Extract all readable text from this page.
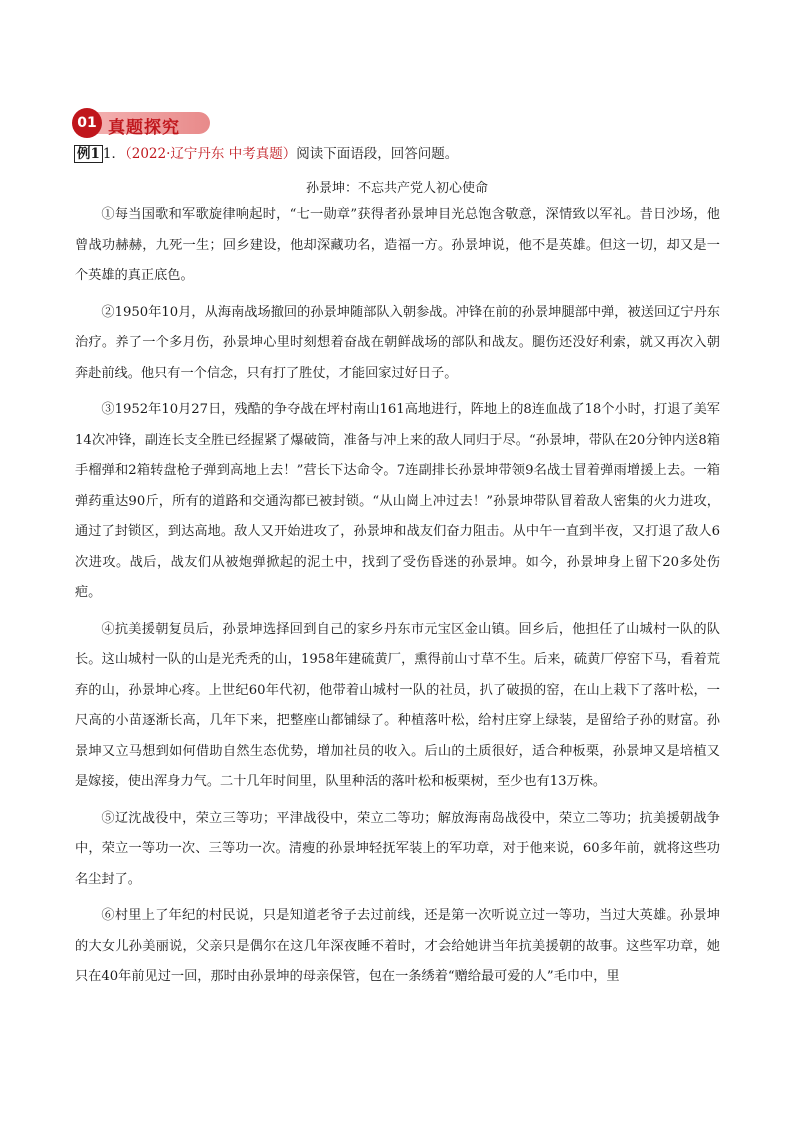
01 真题探究
例1 1．（2022·辽宁丹东 中考真题）阅读下面语段，回答问题。
孙景坤：不忘共产党人初心使命

①每当国歌和军歌旋律响起时，“七一勋章”获得者孙景坤目光总饱含敬意，深情致以军礼。昔日沙场，他曾战功赫赫，九死一生；回乡建设，他却深藏功名，造福一方。孙景坤说，他不是英雄。但这一切，却又是一个英雄的真正底色。

②1950年10月，从海南战场撤回的孙景坤随部队入朝参战。冲锋在前的孙景坤腿部中弹，被送回辽宁丹东治疗。养了一个多月伤，孙景坤心里时刻想着奋战在朝鲜战场的部队和战友。腿伤还没好利索，就又再次入朝奔赴前线。他只有一个信念，只有打了胜仗，才能回家过好日子。

③1952年10月27日，残酷的争夺战在坪村南山161高地进行，阵地上的8连血战了18个小时，打退了美军14次冲锋，副连长支全胜已经握紧了爆破筒，准备与冲上来的敌人同归于尽。“孙景坤，带队在20分钟内送8箱手榴弹和2箱转盘枪子弹到高地上去！”营长下达命令。7连副排长孙景坤带领9名战士冒着弹雨增援上去。一箱弹药重达90斤，所有的道路和交通沟都已被封锁。“从山崗上冲过去！”孙景坤带队冒着敌人密集的火力进攻，通过了封锁区，到达高地。敌人又开始进攻了，孙景坤和战友们奋力阻击。从中午一直到半夜，又打退了敌人6次进攻。战后，战友们从被炮弹掀起的泥土中，找到了受伤昏迷的孙景坤。如今，孙景坤身上留下20多处伤疤。

④抗美援朝复员后，孙景坤选择回到自己的家乡丹东市元宝区金山镇。回乡后，他担任了山城村一队的队长。这山城村一队的山是光秃秃的山，1958年建硫黄厂，熏得前山寸草不生。后来，硫黄厂停窑下马，看着荒弃的山，孙景坤心疼。上世纪60年代初，他带着山城村一队的社员，扒了破损的窑，在山上栽下了落叶松，一尺高的小苗逐渐长高，几年下来，把整座山都铺绿了。种植落叶松，给村庄穿上绿装，是留给子孙的财富。孙景坤又立马想到如何借助自然生态优势，增加社员的收入。后山的土质很好，适合种板栗，孙景坤又是培植又是嫁接，使出浑身力气。二十几年时间里，队里种活的落叶松和板栗树，至少也有13万株。

⑤辽沈战役中，荣立三等功；平津战役中，荣立二等功；解放海南岛战役中，荣立二等功；抗美援朝战争中，荣立一等功一次、三等功一次。清瘦的孙景坤轻抚军装上的军功章，对于他来说，60多年前，就将这些功名尘封了。

⑥村里上了年纪的村民说，只是知道老爷子去过前线，还是第一次听说立过一等功，当过大英雄。孙景坤的大女儿孙美丽说，父亲只是偶尔在这几年深夜睡不着时，才会给她讲当年抗美援朝的故事。这些军功章，她只在40年前见过一回，那时由孙景坤的母亲保管，包在一条绣着“赠给最可爱的人”毛巾中，里
